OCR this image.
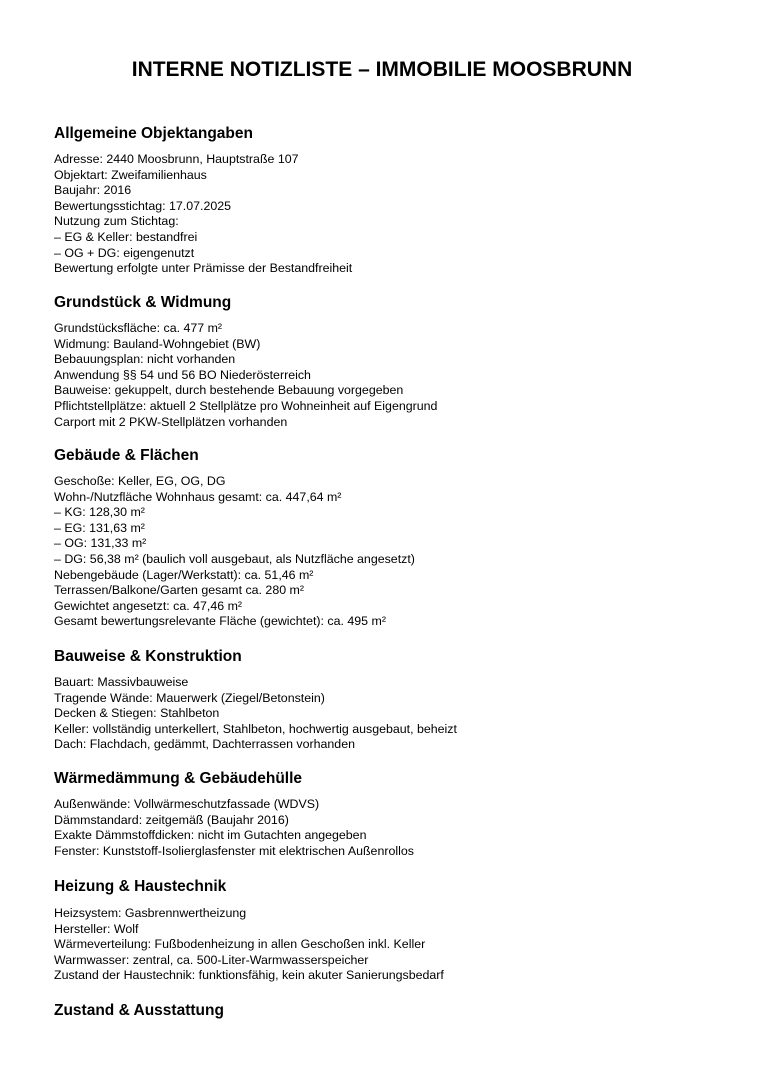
INTERNE NOTIZLISTE – IMMOBILIE MOOSBRUNN
Allgemeine Objektangaben
Adresse: 2440 Moosbrunn, Hauptstraße 107
Objektart: Zweifamilienhaus
Baujahr: 2016
Bewertungsstichtag: 17.07.2025
Nutzung zum Stichtag:
– EG & Keller: bestandfrei
– OG + DG: eigengenutzt
Bewertung erfolgte unter Prämisse der Bestandfreiheit
Grundstück & Widmung
Grundstücksfläche: ca. 477 m²
Widmung: Bauland-Wohngebiet (BW)
Bebauungsplan: nicht vorhanden
Anwendung §§ 54 und 56 BO Niederösterreich
Bauweise: gekuppelt, durch bestehende Bebauung vorgegeben
Pflichtstellplätze: aktuell 2 Stellplätze pro Wohneinheit auf Eigengrund
Carport mit 2 PKW-Stellplätzen vorhanden
Gebäude & Flächen
Geschoße: Keller, EG, OG, DG
Wohn-/Nutzfläche Wohnhaus gesamt: ca. 447,64 m²
– KG: 128,30 m²
– EG: 131,63 m²
– OG: 131,33 m²
– DG: 56,38 m² (baulich voll ausgebaut, als Nutzfläche angesetzt)
Nebengebäude (Lager/Werkstatt): ca. 51,46 m²
Terrassen/Balkone/Garten gesamt ca. 280 m²
Gewichtet angesetzt: ca. 47,46 m²
Gesamt bewertungsrelevante Fläche (gewichtet): ca. 495 m²
Bauweise & Konstruktion
Bauart: Massivbauweise
Tragende Wände: Mauerwerk (Ziegel/Betonstein)
Decken & Stiegen: Stahlbeton
Keller: vollständig unterkellert, Stahlbeton, hochwertig ausgebaut, beheizt
Dach: Flachdach, gedämmt, Dachterrassen vorhanden
Wärmedämmung & Gebäudehülle
Außenwände: Vollwärmeschutzfassade (WDVS)
Dämmstandard: zeitgemäß (Baujahr 2016)
Exakte Dämmstoffdicken: nicht im Gutachten angegeben
Fenster: Kunststoff-Isolierglasfenster mit elektrischen Außenrollos
Heizung & Haustechnik
Heizsystem: Gasbrennwertheizung
Hersteller: Wolf
Wärmeverteilung: Fußbodenheizung in allen Geschoßen inkl. Keller
Warmwasser: zentral, ca. 500-Liter-Warmwasserspeicher
Zustand der Haustechnik: funktionsfähig, kein akuter Sanierungsbedarf
Zustand & Ausstattung
